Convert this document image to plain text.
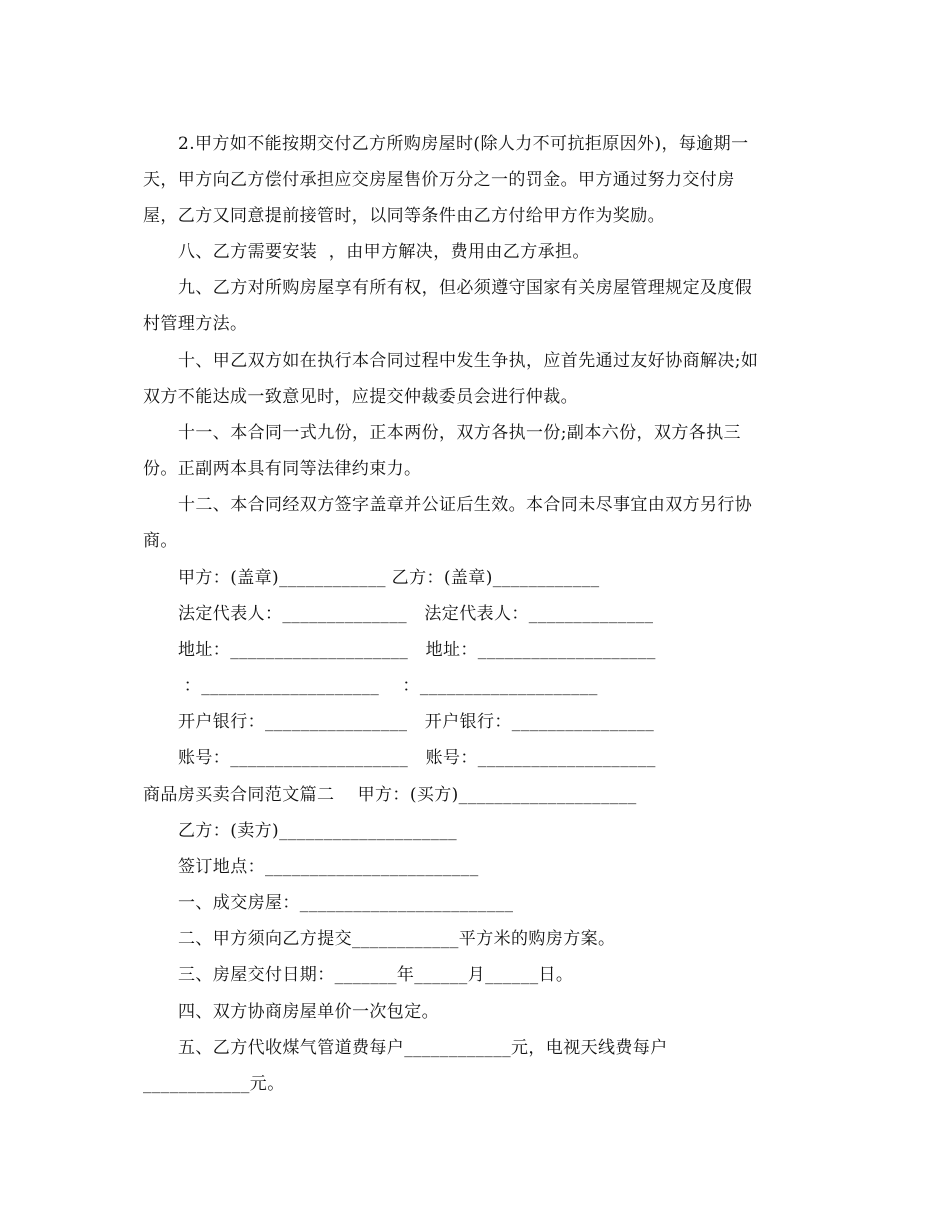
2.甲方如不能按期交付乙方所购房屋时(除人力不可抗拒原因外)，每逾期一
天，甲方向乙方偿付承担应交房屋售价万分之一的罚金。甲方通过努力交付房
屋，乙方又同意提前接管时，以同等条件由乙方付给甲方作为奖励。
八、乙方需要安装  ，由甲方解决，费用由乙方承担。
九、乙方对所购房屋享有所有权，但必须遵守国家有关房屋管理规定及度假
村管理方法。
十、甲乙双方如在执行本合同过程中发生争执，应首先通过友好协商解决;如
双方不能达成一致意见时，应提交仲裁委员会进行仲裁。
十一、本合同一式九份，正本两份，双方各执一份;副本六份，双方各执三
份。正副两本具有同等法律约束力。
十二、本合同经双方签字盖章并公证后生效。本合同未尽事宜由双方另行协
商。
甲方：(盖章)____________ 乙方：(盖章)____________
法定代表人：______________   法定代表人：______________
地址：____________________   地址：____________________
：____________________    ：____________________
开户银行：________________   开户银行：________________
账号：____________________   账号：____________________
商品房买卖合同范文篇二    甲方：(买方)____________________
乙方：(卖方)____________________
签订地点：________________________
一、成交房屋：________________________
二、甲方须向乙方提交____________平方米的购房方案。
三、房屋交付日期：_______年______月______日。
四、双方协商房屋单价一次包定。
五、乙方代收煤气管道费每户____________元，电视天线费每户
____________元。
